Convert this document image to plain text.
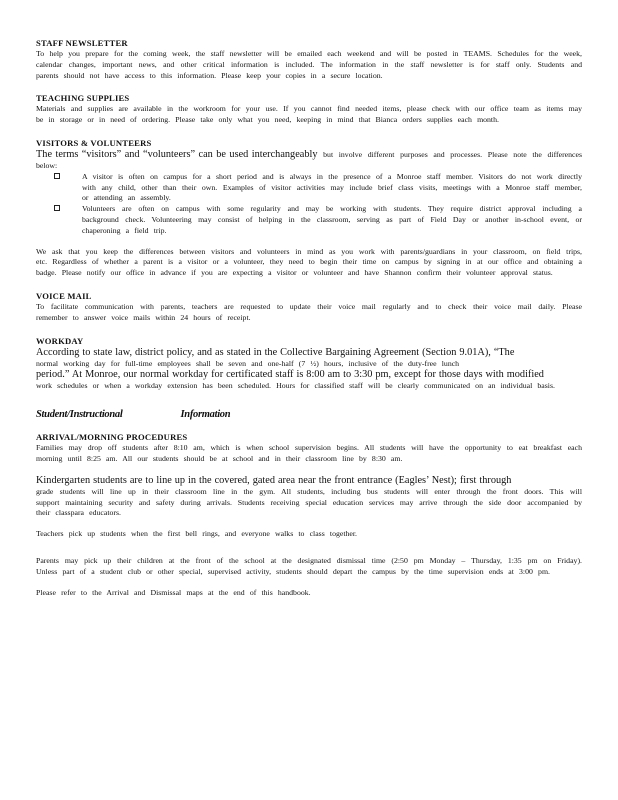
STAFF NEWSLETTER

To help you prepare for the coming week, the staff newsletter will be emailed each weekend and will be posted in TEAMS. Schedules for the week, calendar changes, important news, and other critical information is included. The information in the staff newsletter is for staff only. Students and parents should not have access to this information. Please keep your copies in a secure location.

TEACHING SUPPLIES

Materials and supplies are available in the workroom for your use. If you cannot find needed items, please check with our office team as items may be in storage or in need of ordering. Please take only what you need, keeping in mind that Bianca orders supplies each month.

VISITORS & VOLUNTEERS

The terms “visitors” and “volunteers” can be used interchangeably but involve different purposes and processes. Please note the differences below:

A visitor is often on campus for a short period and is always in the presence of a Monroe staff member. Visitors do not work directly with any child, other than their own. Examples of visitor activities may include brief class visits, meetings with a Monroe staff member, or attending an assembly.
Volunteers are often on campus with some regularity and may be working with students. They require district approval including a background check. Volunteering may consist of helping in the classroom, serving as part of Field Day or another in-school event, or chaperoning a field trip.

We ask that you keep the differences between visitors and volunteers in mind as you work with parents/guardians in your classroom, on field trips, etc. Regardless of whether a parent is a visitor or a volunteer, they need to begin their time on campus by signing in at our office and obtaining a badge. Please notify our office in advance if you are expecting a visitor or volunteer and have Shannon confirm their volunteer approval status.

VOICE MAIL

To facilitate communication with parents, teachers are requested to update their voice mail regularly and to check their voice mail daily. Please remember to answer voice mails within 24 hours of receipt.

WORKDAY

According to state law, district policy, and as stated in the Collective Bargaining Agreement (Section 9.01A), “The

normal working day for full-time employees shall be seven and one-half (7 ½) hours, inclusive of the duty-free lunch

period.” At Monroe, our normal workday for certificated staff is 8:00 am to 3:30 pm, except for those days with modified

work schedules or when a workday extension has been scheduled. Hours for classified staff will be clearly communicated on an individual basis.

Student/Instructional	Information
ARRIVAL/MORNING PROCEDURES

Families may drop off students after 8:10 am, which is when school supervision begins. All students will have the opportunity to eat breakfast each morning until 8:25 am. All our students should be at school and in their classroom line by 8:30 am.

Kindergarten students are to line up in the covered, gated area near the front entrance (Eagles’ Nest); first through

grade students will line up in their classroom line in the gym. All students, including bus students will enter through the front doors. This will support maintaining security and safety during arrivals. Students receiving special education services may arrive through the side door accompanied by their classpara educators.

Teachers pick up students when the first bell rings, and everyone walks to class together.

Parents may pick up their children at the front of the school at the designated dismissal time (2:50 pm Monday – Thursday, 1:35 pm on Friday). Unless part of a student club or other special, supervised activity, students should depart the campus by the time supervision ends at 3:00 pm.

Please refer to the Arrival and Dismissal maps at the end of this handbook.
